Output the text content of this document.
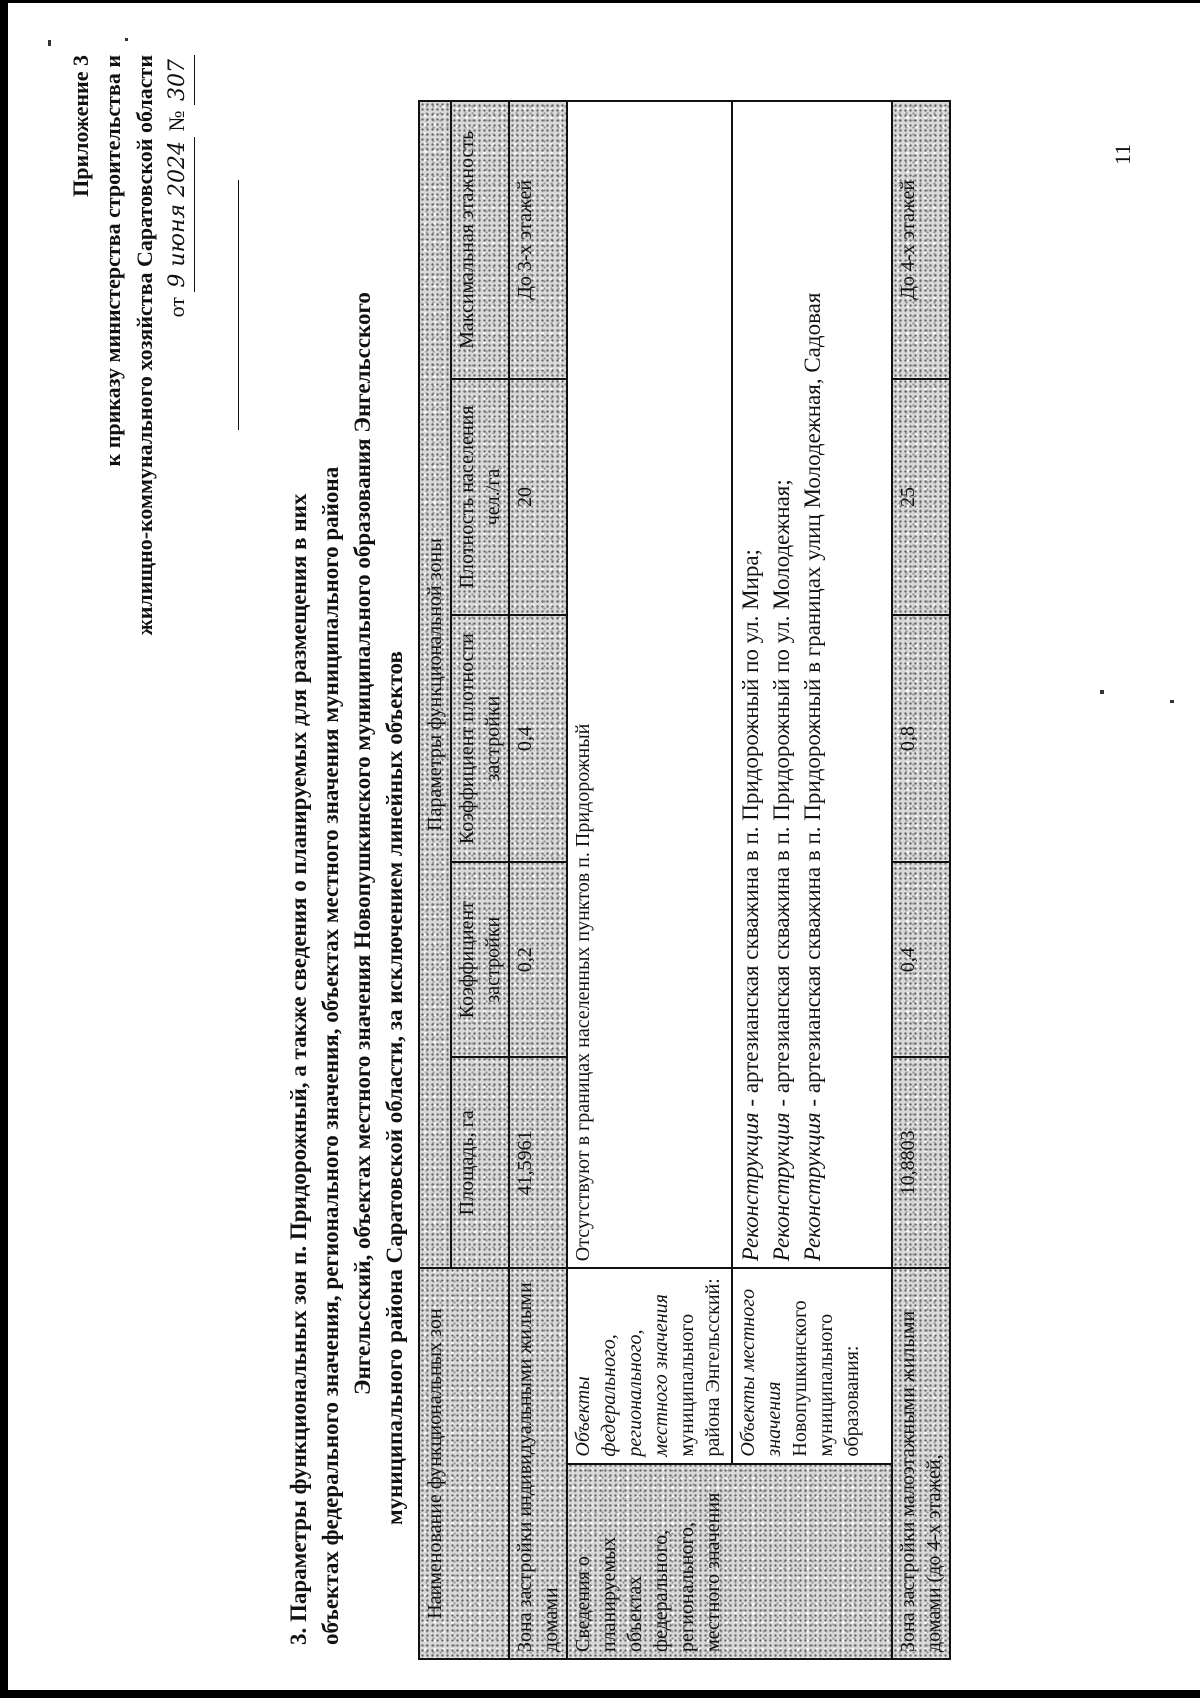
Приложение 3 к приказу министерства строительства и жилищно-коммунального хозяйства Саратовской области от 9 июня 2024 № 307
3. Параметры функциональных зон п. Придорожный, а также сведения о планируемых для размещения в них объектах федерального значения, регионального значения, объектах местного значения муниципального района Энгельсский, объектах местного значения Новопушкинского муниципального образования Энгельсского муниципального района Саратовской области, за исключением линейных объектов Наименование функциональных зон		Параметры функциональной зоны				
		Площадь, га	Коэффициент застройки	Коэффициент плотности застройки	Плотность населения чел./га	Максимальная этажность
Зона застройки индивидуальными жилыми домами		41,5961	0,2	0,4	20	До 3-х этажей
Сведения о планируемых объектах федерального, регионального, местного значения	Объекты федерального, регионального, местного значения муниципального района Энгельсский:	Отсутствуют в границах населенных пунктов п. Придорожный				
	Объекты местного значения Новопушкинского муниципального образования:	Реконструкция - артезианская скважина в п. Придорожный по ул. Мира;
Реконструкция - артезианская скважина в п. Придорожный по ул. Молодежная;
Реконструкция - артезианская скважина в п. Придорожный в границах улиц Молодежная, Садовая				

Зона застройки малоэтажными жилыми домами (до 4-х этажей,		10,8803	0,4	0,8	25	До 4-х этажей
11
